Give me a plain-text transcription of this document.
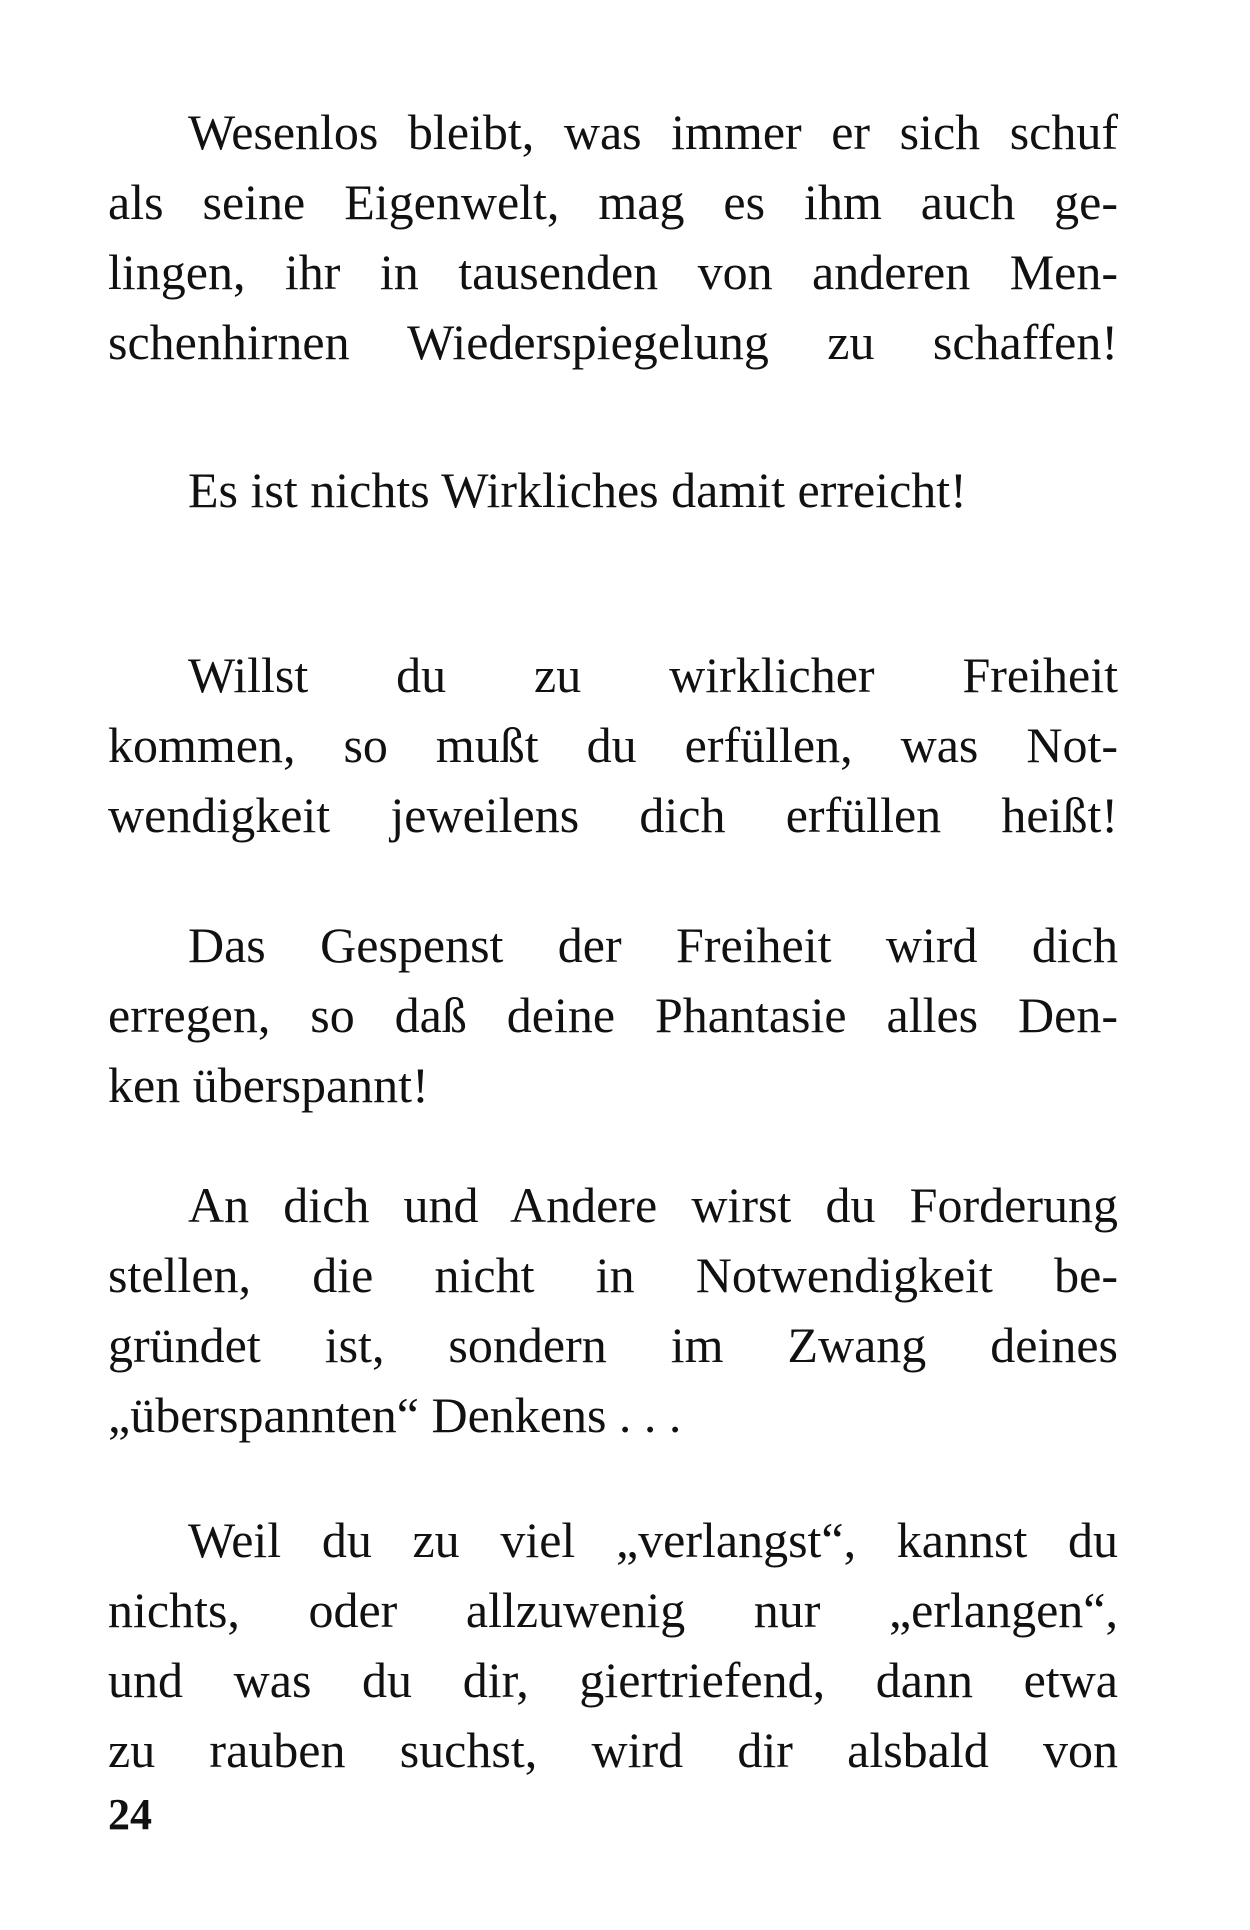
Wesenlos bleibt, was immer er sich schuf
als seine Eigenwelt, mag es ihm auch ge-
lingen, ihr in tausenden von anderen Men-
schenhirnen Wiederspiegelung zu schaffen!
Es ist nichts Wirkliches damit erreicht!
Willst du zu wirklicher Freiheit
kommen, so mußt du erfüllen, was Not-
wendigkeit jeweilens dich erfüllen heißt!
Das Gespenst der Freiheit wird dich
erregen, so daß deine Phantasie alles Den-
ken überspannt!
An dich und Andere wirst du Forderung
stellen, die nicht in Notwendigkeit be-
gründet ist, sondern im Zwang deines
„überspannten“ Denkens . . .
Weil du zu viel „verlangst“, kannst du
nichts, oder allzuwenig nur „erlangen“,
und was du dir, giertriefend, dann etwa
zu rauben suchst, wird dir alsbald von
24
